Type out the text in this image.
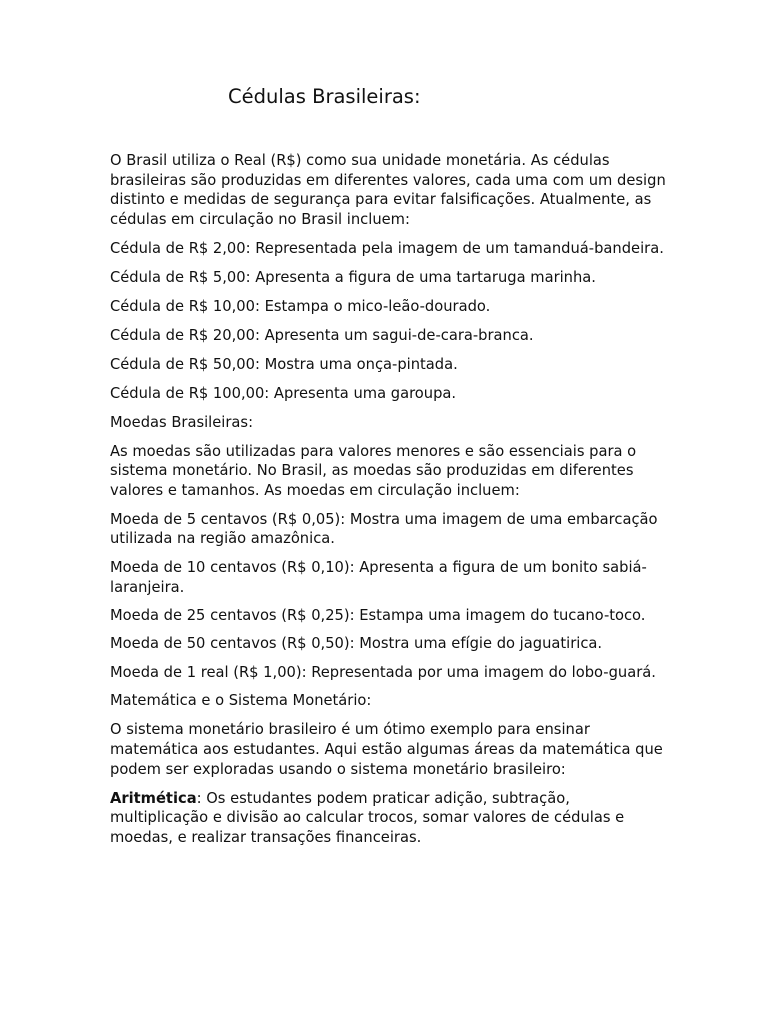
Cédulas Brasileiras:

O Brasil utiliza o Real (R$) como sua unidade monetária. As cédulas brasileiras são produzidas em diferentes valores, cada uma com um design distinto e medidas de segurança para evitar falsificações. Atualmente, as cédulas em circulação no Brasil incluem:

Cédula de R$ 2,00: Representada pela imagem de um tamanduá-bandeira.

Cédula de R$ 5,00: Apresenta a figura de uma tartaruga marinha.

Cédula de R$ 10,00: Estampa o mico-leão-dourado.

Cédula de R$ 20,00: Apresenta um sagui-de-cara-branca.

Cédula de R$ 50,00: Mostra uma onça-pintada.

Cédula de R$ 100,00: Apresenta uma garoupa.

Moedas Brasileiras:

As moedas são utilizadas para valores menores e são essenciais para o sistema monetário. No Brasil, as moedas são produzidas em diferentes valores e tamanhos. As moedas em circulação incluem:

Moeda de 5 centavos (R$ 0,05): Mostra uma imagem de uma embarcação utilizada na região amazônica.

Moeda de 10 centavos (R$ 0,10): Apresenta a figura de um bonito sabiá-laranjeira.

Moeda de 25 centavos (R$ 0,25): Estampa uma imagem do tucano-toco.

Moeda de 50 centavos (R$ 0,50): Mostra uma efígie do jaguatirica.

Moeda de 1 real (R$ 1,00): Representada por uma imagem do lobo-guará.

Matemática e o Sistema Monetário:

O sistema monetário brasileiro é um ótimo exemplo para ensinar matemática aos estudantes. Aqui estão algumas áreas da matemática que podem ser exploradas usando o sistema monetário brasileiro:

Aritmética: Os estudantes podem praticar adição, subtração, multiplicação e divisão ao calcular trocos, somar valores de cédulas e moedas, e realizar transações financeiras.
